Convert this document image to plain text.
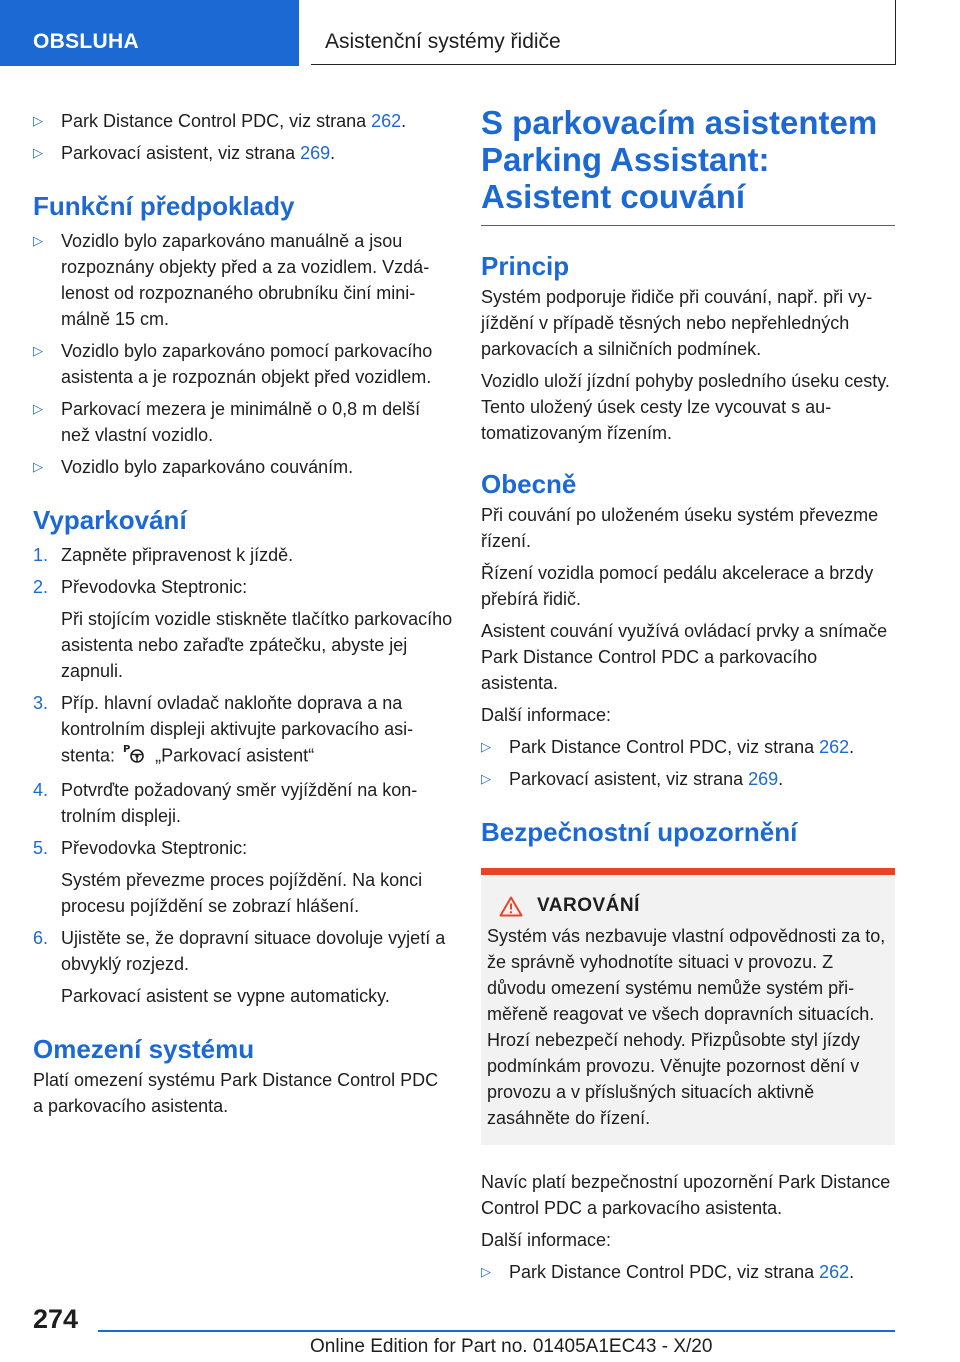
OBSLUHA	Asistenční systémy řidiče
▷ Park Distance Control PDC, viz strana 262.
▷ Parkovací asistent, viz strana 269.
Funkční předpoklady
▷ Vozidlo bylo zaparkováno manuálně a jsou rozpoznány objekty před a za vozidlem. Vzdálenost od rozpoznaného obrubníku činí minimálně 15 cm.
▷ Vozidlo bylo zaparkováno pomocí parkovacího asistenta a je rozpoznán objekt před vozidlem.
▷ Parkovací mezera je minimálně o 0,8 m delší než vlastní vozidlo.
▷ Vozidlo bylo zaparkováno couváním.
Vyparkování
1. Zapněte připravenost k jízdě.
2. Převodovka Steptronic:
Při stojícím vozidle stiskněte tlačítko parkovacího asistenta nebo zařaďte zpátečku, abyste jej zapnuli.
3. Příp. hlavní ovladač nakloňte doprava a na kontrolním displeji aktivujte parkovacího asistenta: P „Parkovací asistent“
4. Potvrďte požadovaný směr vyjíždění na kontrolním displeji.
5. Převodovka Steptronic:
Systém převezme proces pojíždění. Na konci procesu pojíždění se zobrazí hlášení.
6. Ujistěte se, že dopravní situace dovoluje vyjetí a obvyklý rozjezd.
Parkovací asistent se vypne automaticky.
Omezení systému

Platí omezení systému Park Distance Control PDC a parkovacího asistenta.

S parkovacím asistentem Parking Assistant: Asistent couvání
Princip

Systém podporuje řidiče při couvání, např. při vyjíždění v případě těsných nebo nepřehledných parkovacích a silničních podmínek.

Vozidlo uloží jízdní pohyby posledního úseku cesty. Tento uložený úsek cesty lze vycouvat s automatizovaným řízením.

Obecně

Při couvání po uloženém úseku systém převezme řízení.

Řízení vozidla pomocí pedálu akcelerace a brzdy přebírá řidič.

Asistent couvání využívá ovládací prvky a snímače Park Distance Control PDC a parkovacího asistenta.

Další informace:

▷ Park Distance Control PDC, viz strana 262.
▷ Parkovací asistent, viz strana 269.
Bezpečnostní upozornění
VAROVÁNÍ

Systém vás nezbavuje vlastní odpovědnosti za to, že správně vyhodnotíte situaci v provozu. Z důvodu omezení systému nemůže systém přiměřeně reagovat ve všech dopravních situacích. Hrozí nebezpečí nehody. Přizpůsobte styl jízdy podmínkám provozu. Věnujte pozornost dění v provozu a v příslušných situacích aktivně zasáhněte do řízení.

Navíc platí bezpečnostní upozornění Park Distance Control PDC a parkovacího asistenta.

Další informace:

▷ Park Distance Control PDC, viz strana 262.
274
Online Edition for Part no. 01405A1EC43 - X/20
